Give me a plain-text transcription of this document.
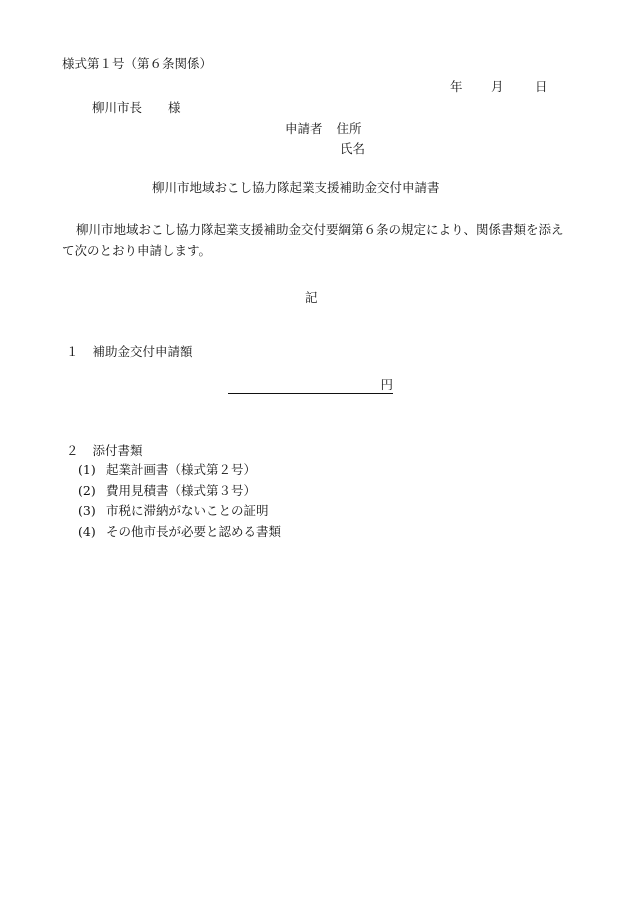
様式第１号（第６条関係）
年 月	日
柳川市長 様
申請者 住所
氏名
柳川市地域おこし協力隊起業支援補助金交付申請書
柳川市地域おこし協力隊起業支援補助金交付要綱第６条の規定により、関係書類を添えて次のとおり申請します。
記
１ 補助金交付申請額
円
２ 添付書類
(1) 起業計画書（様式第２号）
(2) 費用見積書（様式第３号）
(3) 市税に滞納がないことの証明
(4) その他市長が必要と認める書類
